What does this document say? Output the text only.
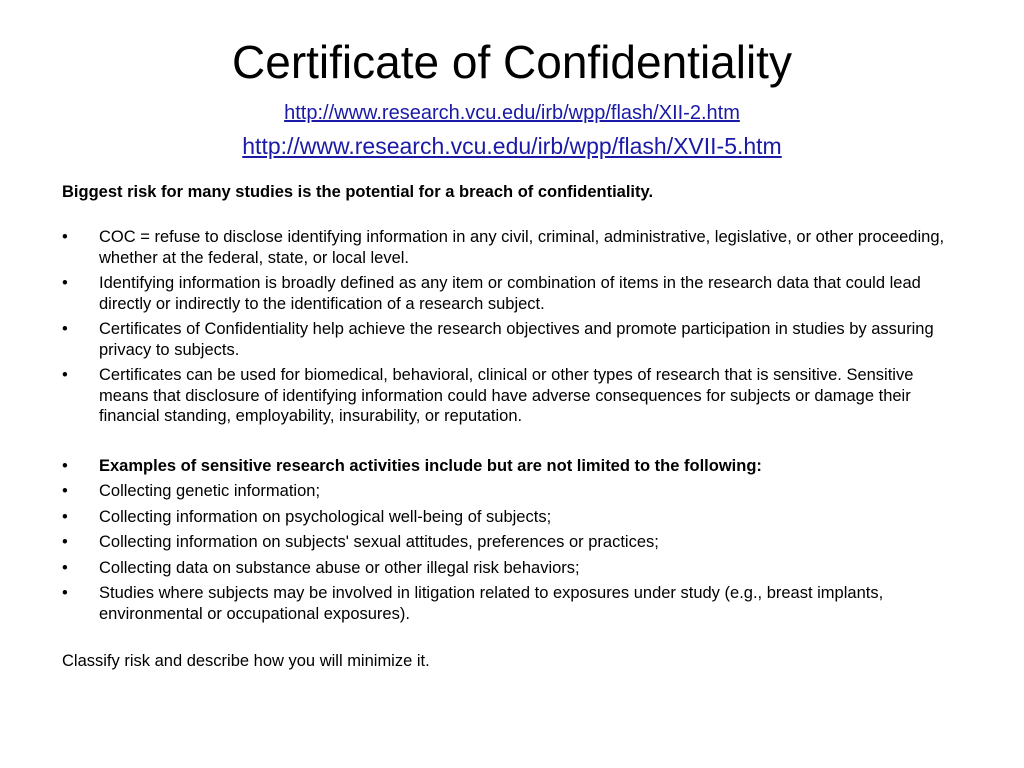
Certificate of Confidentiality
http://www.research.vcu.edu/irb/wpp/flash/XII-2.htm
http://www.research.vcu.edu/irb/wpp/flash/XVII-5.htm

Biggest risk for many studies is the potential for a breach of confidentiality.

•	COC = refuse to disclose identifying information in any civil, criminal, administrative, legislative, or other proceeding, whether at the federal, state, or local level.
•	Identifying information is broadly defined as any item or combination of items in the research data that could lead directly or indirectly to the identification of a research subject.
•	Certificates of Confidentiality help achieve the research objectives and promote participation in studies by assuring privacy to subjects.
•	Certificates can be used for biomedical, behavioral, clinical or other types of research that is sensitive. Sensitive means that disclosure of identifying information could have adverse consequences for subjects or damage their financial standing, employability, insurability, or reputation.
•	Examples of sensitive research activities include but are not limited to the following:
•	Collecting genetic information;
•	Collecting information on psychological well-being of subjects;
•	Collecting information on subjects' sexual attitudes, preferences or practices;
•	Collecting data on substance abuse or other illegal risk behaviors;
•	Studies where subjects may be involved in litigation related to exposures under study (e.g., breast implants, environmental or occupational exposures).

Classify risk and describe how you will minimize it.
